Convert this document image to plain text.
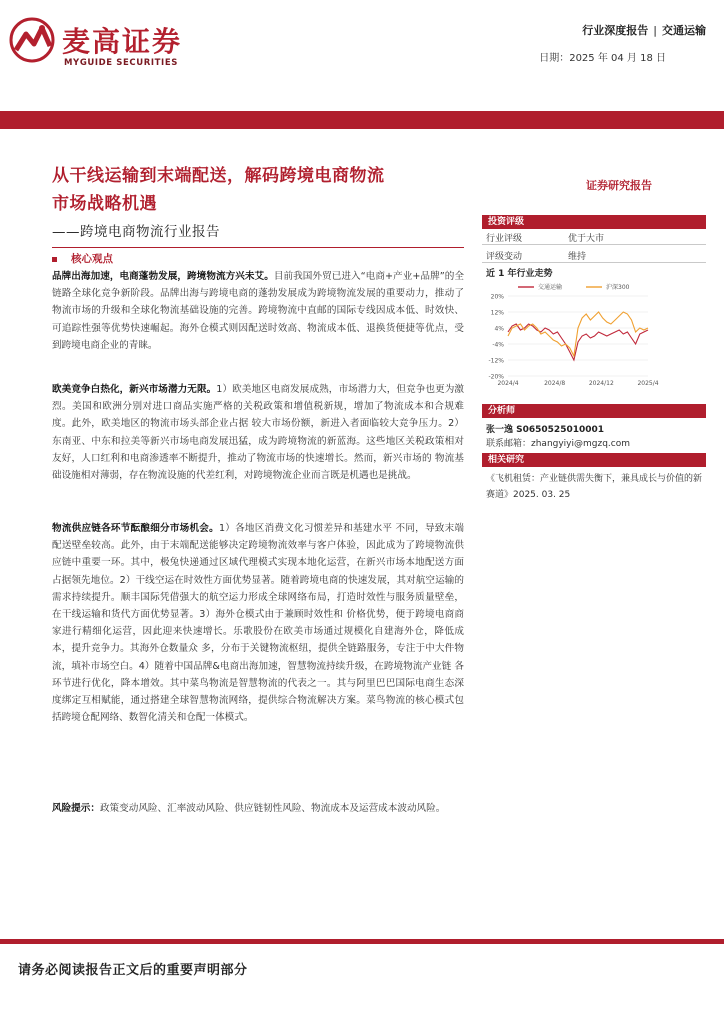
麦高证券
MYGUIDE SECURITIES
行业深度报告 | 交通运输
日期：2025 年 04 月 18 日
从干线运输到末端配送，解码跨境电商物流
市场战略机遇
——跨境电商物流行业报告
核心观点
证券研究报告
品牌出海加速，电商蓬勃发展，跨境物流方兴未艾。目前我国外贸已进入“电商+产业+品牌”的全链路全球化竞争新阶段。品牌出海与跨境电商的蓬勃发展成为跨境物流发展的重要动力，推动了物流市场的升级和全球化物流基础设施的完善。跨境物流中直邮的国际专线因成本低、时效快、可追踪性强等优势快速崛起。海外仓模式则因配送时效高、物流成本低、退换货便捷等优点，受到跨境电商企业的青睐。
欧美竞争白热化，新兴市场潜力无限。1）欧美地区电商发展成熟，市场潜力大，但竞争也更为激烈。美国和欧洲分别对进口商品实施严格的关税政策和增值税新规，增加了物流成本和合规难度。此外，欧美地区的物流市场头部企业占据 较大市场份额，新进入者面临较大竞争压力。2）东南亚、中东和拉美等新兴市场电商发展迅猛，成为跨境物流的新蓝海。这些地区关税政策相对友好，人口红利和电商渗透率不断提升，推动了物流市场的快速增长。然而，新兴市场的 物流基础设施相对薄弱，存在物流设施的代差红利，对跨境物流企业而言既是机遇也是挑战。
物流供应链各环节酝酿细分市场机会。1）各地区消费文化习惯差异和基建水平 不同，导致末端配送壁垒较高。此外，由于末端配送能够决定跨境物流效率与客户体验，因此成为了跨境物流供应链中重要一环。其中，极兔快递通过区域代理模式实现本地化运营，在新兴市场本地配送方面占据领先地位。2）干线空运在时效性方面优势显著。随着跨境电商的快速发展，其对航空运输的需求持续提升。顺丰国际凭借强大的航空运力形成全球网络布局，打造时效性与服务质量壁垒，在干线运输和货代方面优势显著。3）海外仓模式由于兼顾时效性和 价格优势，便于跨境电商商家进行精细化运营，因此迎来快速增长。乐歌股份在欧美市场通过规模化自建海外仓，降低成本，提升竞争力。其海外仓数量众 多，分布于关键物流枢纽，提供全链路服务，专注于中大件物流，填补市场空白。4）随着中国品牌&电商出海加速，智慧物流持续升级，在跨境物流产业链 各环节进行优化，降本增效。其中菜鸟物流是智慧物流的代表之一。其与阿里巴巴国际电商生态深度绑定互相赋能，通过搭建全球智慧物流网络，提供综合物流解决方案。菜鸟物流的核心模式包括跨境仓配网络、数智化清关和仓配一体模式。
风险提示：政策变动风险、汇率波动风险、供应链韧性风险、物流成本及运营成本波动风险。
投资评级
行业评级	优于大市
评级变动	维持
近 1 年行业走势
交通运输	沪深300
20%
12%
4%
-4%
-12%
-20%
2024/4	2024/8	2024/12	2025/4
分析师
张一逸 S0650525010001
联系邮箱：zhangyiyi@mgzq.com
相关研究
《飞机租赁：产业链供需失衡下，兼具成长与价值的新赛道》2025. 03. 25
请务必阅读报告正文后的重要声明部分
